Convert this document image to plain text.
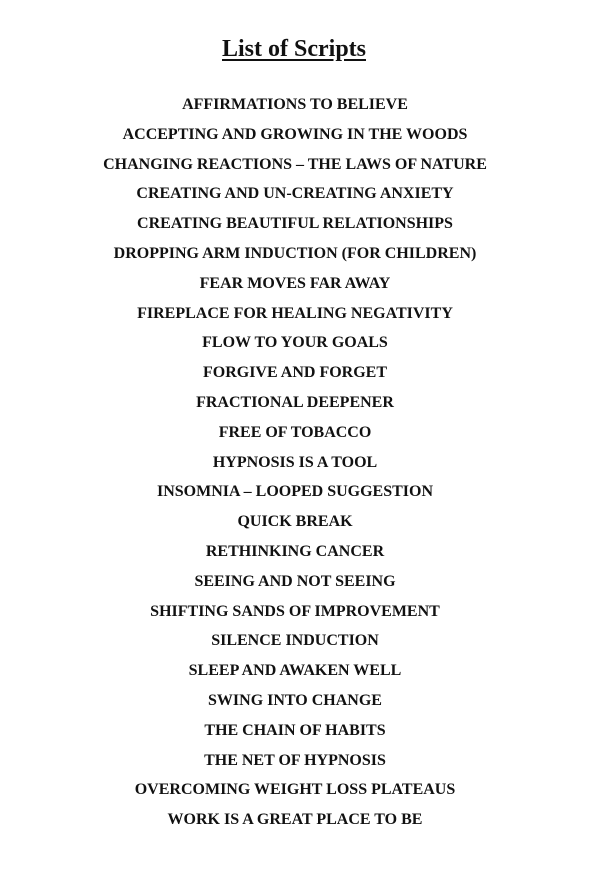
List of Scripts
AFFIRMATIONS TO BELIEVE
ACCEPTING AND GROWING IN THE WOODS
CHANGING REACTIONS – THE LAWS OF NATURE
CREATING AND UN-CREATING ANXIETY
CREATING BEAUTIFUL RELATIONSHIPS
DROPPING ARM INDUCTION (FOR CHILDREN)
FEAR MOVES FAR AWAY
FIREPLACE FOR HEALING NEGATIVITY
FLOW TO YOUR GOALS
FORGIVE AND FORGET
FRACTIONAL DEEPENER
FREE OF TOBACCO
HYPNOSIS IS A TOOL
INSOMNIA – LOOPED SUGGESTION
QUICK BREAK
RETHINKING CANCER
SEEING AND NOT SEEING
SHIFTING SANDS OF IMPROVEMENT
SILENCE INDUCTION
SLEEP AND AWAKEN WELL
SWING INTO CHANGE
THE CHAIN OF HABITS
THE NET OF HYPNOSIS
OVERCOMING WEIGHT LOSS PLATEAUS
WORK IS A GREAT PLACE TO BE
